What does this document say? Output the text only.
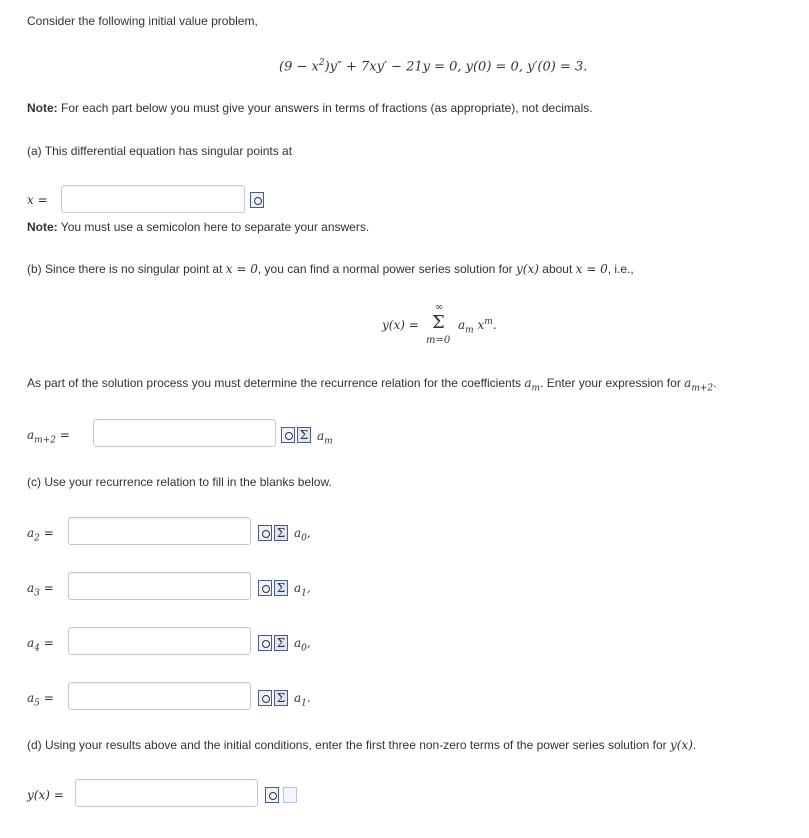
Consider the following initial value problem,
$(9 - x^2)y'' + 7xy' - 21y = 0$, y(0) = 0, y′(0) = 3.
Note: For each part below you must give your answers in terms of fractions (as appropriate), not decimals.
(a) This differential equation has singular points at
x =
Note: You must use a semicolon here to separate your answers.
(b) Since there is no singular point at x = 0, you can find a normal power series solution for y(x) about x = 0, i.e.,
y(x) =
∞
Σ
m=0
$a_m$ $x^m$.
As part of the solution process you must determine the recurrence relation for the coefficients $a_m$. Enter your expression for $a_{m+2}$.
$a_{m+2}$ =	Σ $a_m$
(c) Use your recurrence relation to fill in the blanks below.
$a_2$ =	Σ $a_0$,
$a_3$ =	Σ $a_1$,
$a_4$ =	Σ $a_0$,
$a_5$ =	Σ $a_1$.
(d) Using your results above and the initial conditions, enter the first three non-zero terms of the power series solution for y(x).
y(x) =
